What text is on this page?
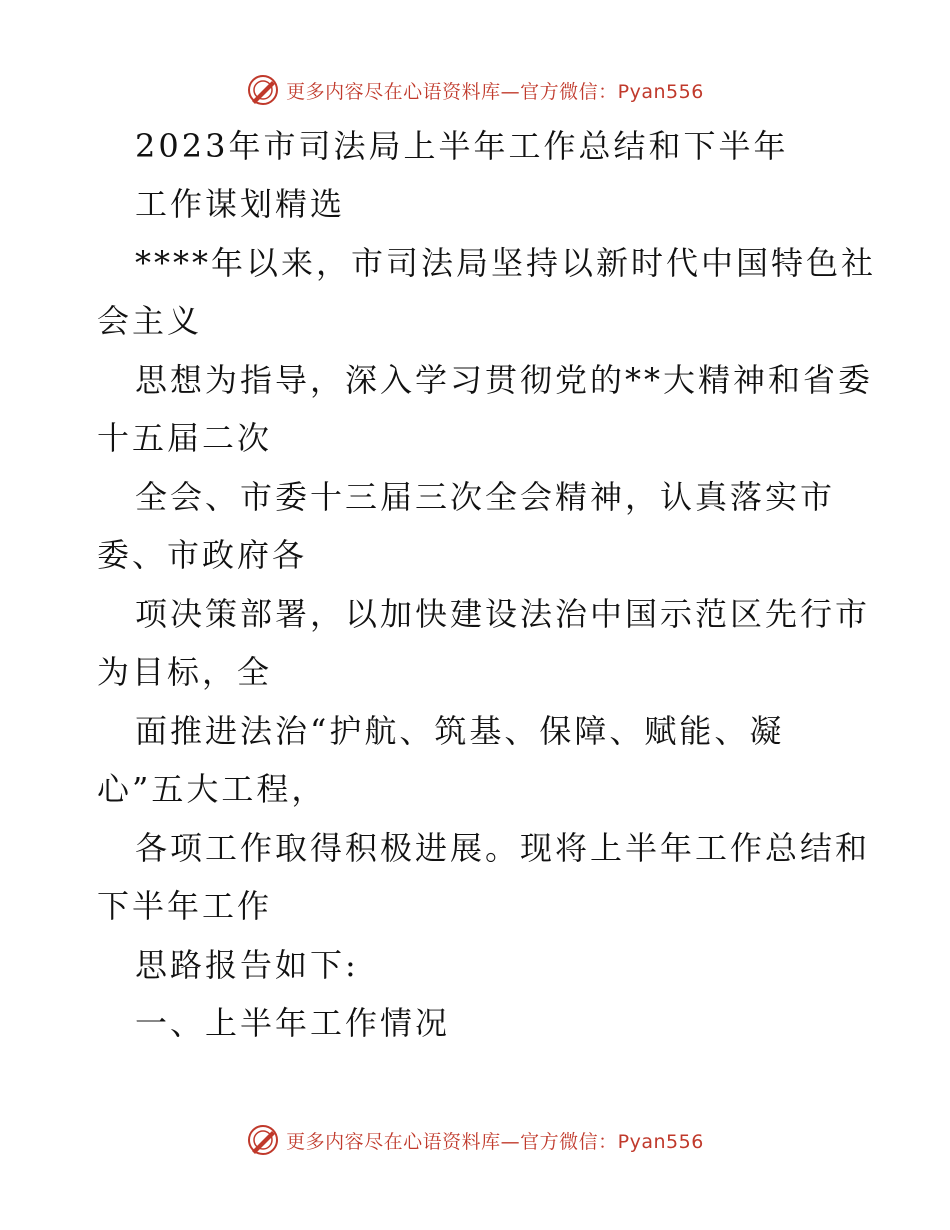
更多内容尽在心语资料库—官方微信：Pyan556
2023年市司法局上半年工作总结和下半年
工作谋划精选
****年以来，市司法局坚持以新时代中国特色社
会主义
思想为指导，深入学习贯彻党的**大精神和省委
十五届二次
全会、市委十三届三次全会精神，认真落实市
委、市政府各
项决策部署，以加快建设法治中国示范区先行市
为目标，全
面推进法治“护航、筑基、保障、赋能、凝
心”五大工程，
各项工作取得积极进展。现将上半年工作总结和
下半年工作
思路报告如下:
一、上半年工作情况
更多内容尽在心语资料库—官方微信：Pyan556
